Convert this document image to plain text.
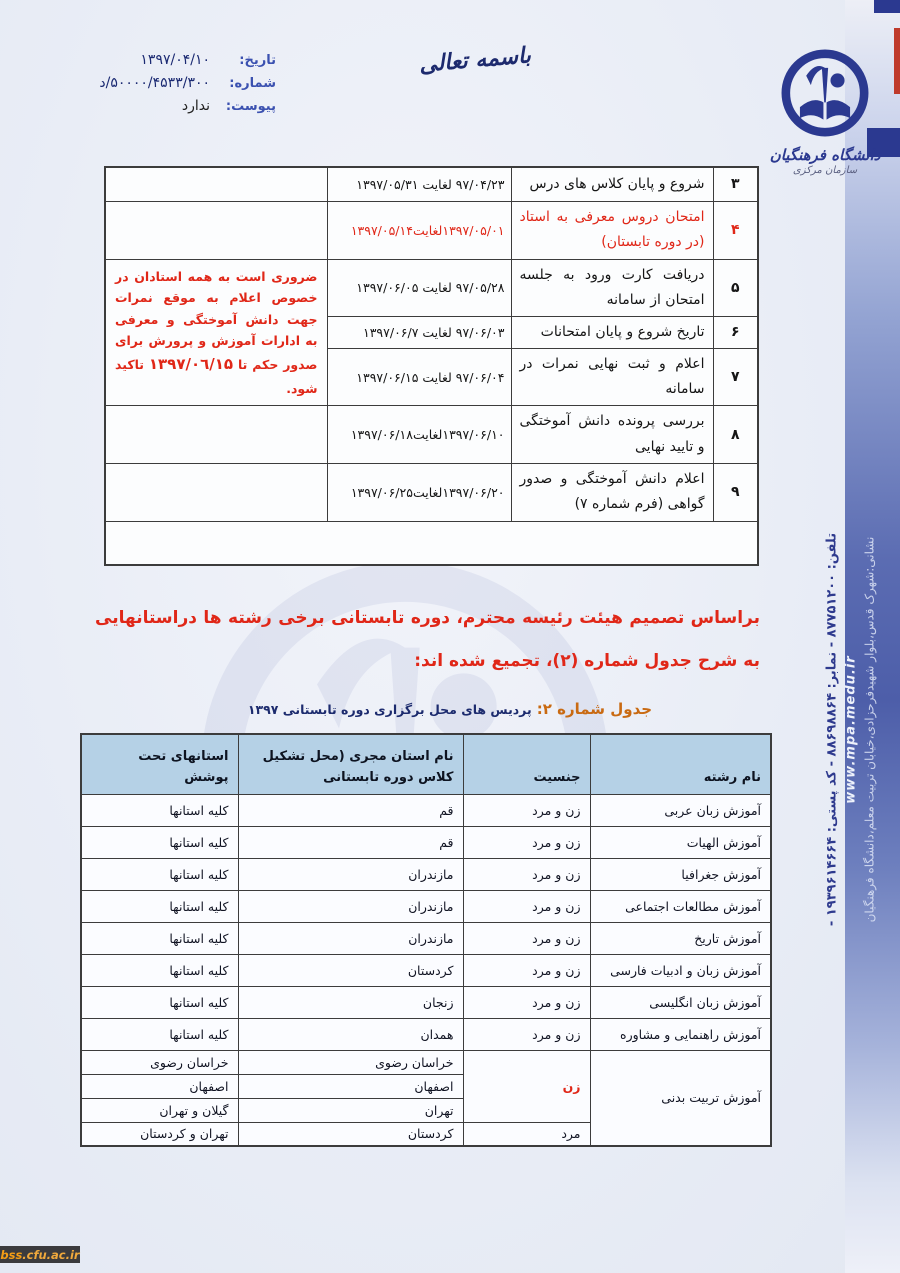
تلفن: ۸۷۷۵۱۲۰۰ - نمابر: ۸۸۶۹۸۸۶۴ - کد پستی: ۱۹۳۹۶۱۴۶۶۴ -
www.mpa.medu.ir نشانی:شهرک قدس،بلوار شهیدفرحزادی،خیابان تربیت معلم،دانشگاه فرهنگیان
تاریخ:
۱۳۹۷/۰۴/۱۰
شماره:
۵۰۰۰۰/۴۵۳۳/۳۰۰/د
پیوست:
ندارد
باسمه تعالی
دانشگاه فرهنگیان
سازمان مرکزی
۳	شروع و پایان کلاس های درس	۹۷/۰۴/۲۳ لغایت ۱۳۹۷/۰۵/۳۱	
۴	امتحان دروس معرفی به استاد (در دوره تابستان)	۱۳۹۷/۰۵/۰۱لغایت۱۳۹۷/۰۵/۱۴	
۵	دریافت کارت ورود به جلسه امتحان از سامانه	۹۷/۰۵/۲۸ لغایت ۱۳۹۷/۰۶/۰۵	ضروری است به همه استادان در خصوص اعلام به موقع نمرات جهت دانش آموختگی و معرفی به ادارات آموزش و پرورش برای صدور حکم تا ۱۳۹۷/۰٦/۱۵ تاکید شود.
۶	تاریخ شروع و پایان امتحانات	۹۷/۰۶/۰۳ لغایت ۱۳۹۷/۰۶/۷	
۷	اعلام و ثبت نهایی نمرات در سامانه	۹۷/۰۶/۰۴ لغایت ۱۳۹۷/۰۶/۱۵	
۸	بررسی پرونده دانش آموختگی و تایید نهایی	۱۳۹۷/۰۶/۱۰لغایت۱۳۹۷/۰۶/۱۸	
۹	اعلام دانش آموختگی و صدور گواهی (فرم شماره ۷)	۱۳۹۷/۰۶/۲۰لغایت۱۳۹۷/۰۶/۲۵	

براساس تصمیم هیئت رئیسه محترم، دوره تابستانی برخی رشته ها دراستانهایی به شرح جدول شماره (۲)، تجمیع شده اند:
جدول شماره ۲: پردیس های محل برگزاری دوره تابستانی ۱۳۹۷
نام رشته	جنسیت	نام استان مجری (محل تشکیل کلاس دوره تابستانی	استانهای تحت پوشش
آموزش زبان عربی	زن و مرد	قم	کلیه استانها
آموزش الهیات	زن و مرد	قم	کلیه استانها
آموزش جغرافیا	زن و مرد	مازندران	کلیه استانها
آموزش مطالعات اجتماعی	زن و مرد	مازندران	کلیه استانها
آموزش تاریخ	زن و مرد	مازندران	کلیه استانها
آموزش زبان و ادبیات فارسی	زن و مرد	کردستان	کلیه استانها
آموزش زبان انگلیسی	زن و مرد	زنجان	کلیه استانها
آموزش راهنمایی و مشاوره	زن و مرد	همدان	کلیه استانها
آموزش تربیت بدنی	زن	خراسان رضوی	خراسان رضوی
		اصفهان	اصفهان
		تهران	گیلان و تهران
	مرد	کردستان	تهران و کردستان
bss .cfu.ac.ir
